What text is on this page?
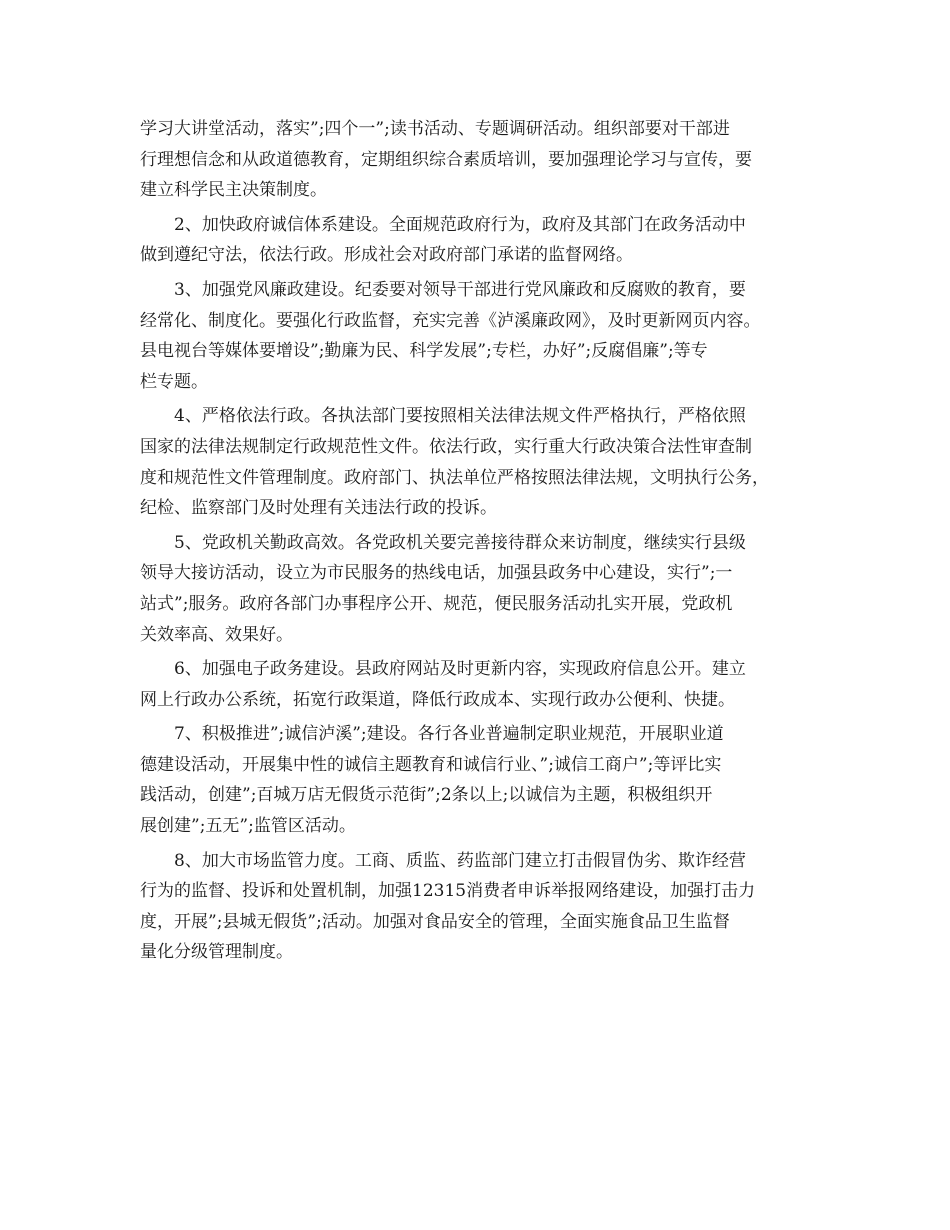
学习大讲堂活动，落实”;四个一”;读书活动、专题调研活动。组织部要对干部进
行理想信念和从政道德教育，定期组织综合素质培训，要加强理论学习与宣传，要
建立科学民主决策制度。
2、加快政府诚信体系建设。全面规范政府行为，政府及其部门在政务活动中
做到遵纪守法，依法行政。形成社会对政府部门承诺的监督网络。
3、加强党风廉政建设。纪委要对领导干部进行党风廉政和反腐败的教育，要
经常化、制度化。要强化行政监督，充实完善《泸溪廉政网》，及时更新网页内容。
县电视台等媒体要增设”;勤廉为民、科学发展”;专栏，办好”;反腐倡廉”;等专
栏专题。
4、严格依法行政。各执法部门要按照相关法律法规文件严格执行，严格依照
国家的法律法规制定行政规范性文件。依法行政，实行重大行政决策合法性审查制
度和规范性文件管理制度。政府部门、执法单位严格按照法律法规，文明执行公务，
纪检、监察部门及时处理有关违法行政的投诉。
5、党政机关勤政高效。各党政机关要完善接待群众来访制度，继续实行县级
领导大接访活动，设立为市民服务的热线电话，加强县政务中心建设，实行”;一
站式”;服务。政府各部门办事程序公开、规范，便民服务活动扎实开展，党政机
关效率高、效果好。
6、加强电子政务建设。县政府网站及时更新内容，实现政府信息公开。建立
网上行政办公系统，拓宽行政渠道，降低行政成本、实现行政办公便利、快捷。
7、积极推进”;诚信泸溪”;建设。各行各业普遍制定职业规范，开展职业道
德建设活动，开展集中性的诚信主题教育和诚信行业、”;诚信工商户”;等评比实
践活动，创建”;百城万店无假货示范街”;2条以上;以诚信为主题，积极组织开
展创建”;五无”;监管区活动。
8、加大市场监管力度。工商、质监、药监部门建立打击假冒伪劣、欺诈经营
行为的监督、投诉和处置机制，加强12315消费者申诉举报网络建设，加强打击力
度，开展”;县城无假货”;活动。加强对食品安全的管理，全面实施食品卫生监督
量化分级管理制度。
